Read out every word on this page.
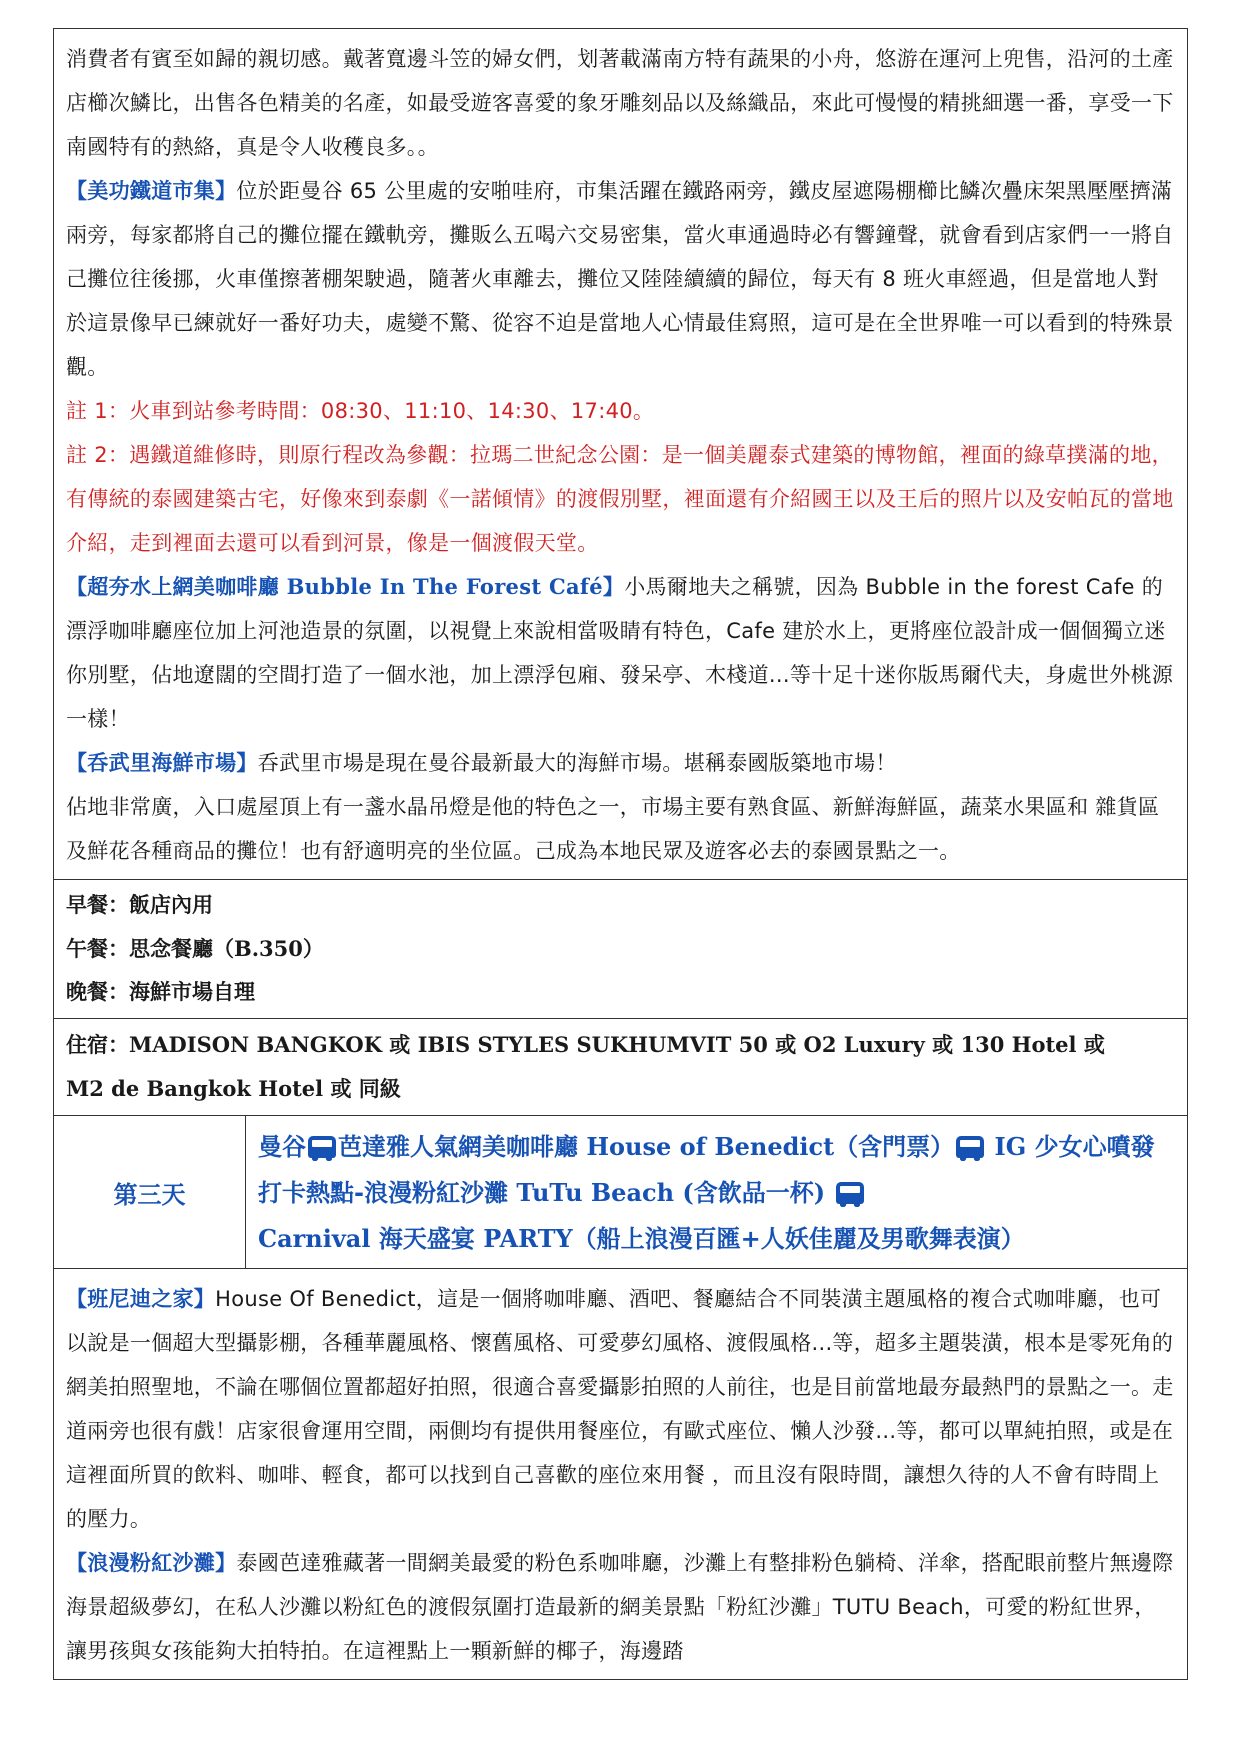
消費者有賓至如歸的親切感。戴著寬邊斗笠的婦女們，划著載滿南方特有蔬果的小舟，悠游在運河上兜售，沿河的土產店櫛次鱗比，出售各色精美的名產，如最受遊客喜愛的象牙雕刻品以及絲織品，來此可慢慢的精挑細選一番，享受一下南國特有的熱絡，真是令人收穫良多。。

【美功鐵道市集】位於距曼谷 65 公里處的安啪哇府，市集活躍在鐵路兩旁，鐵皮屋遮陽棚櫛比鱗次疊床架黑壓壓擠滿兩旁，每家都將自己的攤位擺在鐵軌旁，攤販么五喝六交易密集，當火車通過時必有響鐘聲，就會看到店家們一一將自己攤位往後挪，火車僅擦著棚架駛過，隨著火車離去，攤位又陸陸續續的歸位，每天有 8 班火車經過，但是當地人對於這景像早已練就好一番好功夫，處變不驚、從容不迫是當地人心情最佳寫照，這可是在全世界唯一可以看到的特殊景觀。

註 1：火車到站參考時間：08:30、11:10、14:30、17:40。

註 2：遇鐵道維修時，則原行程改為參觀：拉瑪二世紀念公園：是一個美麗泰式建築的博物館，裡面的綠草撲滿的地，有傳統的泰國建築古宅，好像來到泰劇《一諾傾情》的渡假別墅，裡面還有介紹國王以及王后的照片以及安帕瓦的當地介紹，走到裡面去還可以看到河景，像是一個渡假天堂。

【超夯水上網美咖啡廳 Bubble In The Forest Café】小馬爾地夫之稱號，因為 Bubble in the forest Cafe 的漂浮咖啡廳座位加上河池造景的氛圍，以視覺上來說相當吸睛有特色，Cafe 建於水上，更將座位設計成一個個獨立迷你別墅，佔地遼闊的空間打造了一個水池，加上漂浮包廂、發呆亭、木棧道...等十足十迷你版馬爾代夫，身處世外桃源一樣！

【呑武里海鮮市場】呑武里市場是現在曼谷最新最大的海鮮市場。堪稱泰國版築地市場！

佔地非常廣，入口處屋頂上有一盞水晶吊燈是他的特色之一，市場主要有熟食區、新鮮海鮮區，蔬菜水果區和 雜貨區及鮮花各種商品的攤位！也有舒適明亮的坐位區。己成為本地民眾及遊客必去的泰國景點之一。

早餐：飯店內用

午餐：思念餐廳（B.350）

晚餐：海鮮市場自理

住宿：MADISON BANGKOK 或 IBIS STYLES SUKHUMVIT 50 或 O2 Luxury 或 130 Hotel 或

M2 de Bangkok Hotel 或 同級

第三天
曼谷 芭達雅人氣網美咖啡廳 House of Benedict（含門票） IG 少女心噴發打卡熱點-浪漫粉紅沙灘 TuTu Beach (含飲品一杯)
Carnival 海天盛宴 PARTY（船上浪漫百匯+人妖佳麗及男歌舞表演）

【班尼迪之家】House Of Benedict，這是一個將咖啡廳、酒吧、餐廳結合不同裝潢主題風格的複合式咖啡廳，也可以說是一個超大型攝影棚，各種華麗風格、懷舊風格、可愛夢幻風格、渡假風格...等，超多主題裝潢，根本是零死角的網美拍照聖地，不論在哪個位置都超好拍照，很適合喜愛攝影拍照的人前往，也是目前當地最夯最熱門的景點之一。走道兩旁也很有戲！店家很會運用空間，兩側均有提供用餐座位，有歐式座位、懶人沙發...等，都可以單純拍照，或是在這裡面所買的飲料、咖啡、輕食，都可以找到自己喜歡的座位來用餐 ，而且沒有限時間，讓想久待的人不會有時間上的壓力。

【浪漫粉紅沙灘】泰國芭達雅藏著一間網美最愛的粉色系咖啡廳，沙灘上有整排粉色躺椅、洋傘，搭配眼前整片無邊際海景超級夢幻，在私人沙灘以粉紅色的渡假氛圍打造最新的網美景點「粉紅沙灘」TUTU Beach，可愛的粉紅世界，讓男孩與女孩能夠大拍特拍。在這裡點上一顆新鮮的椰子，海邊踏
